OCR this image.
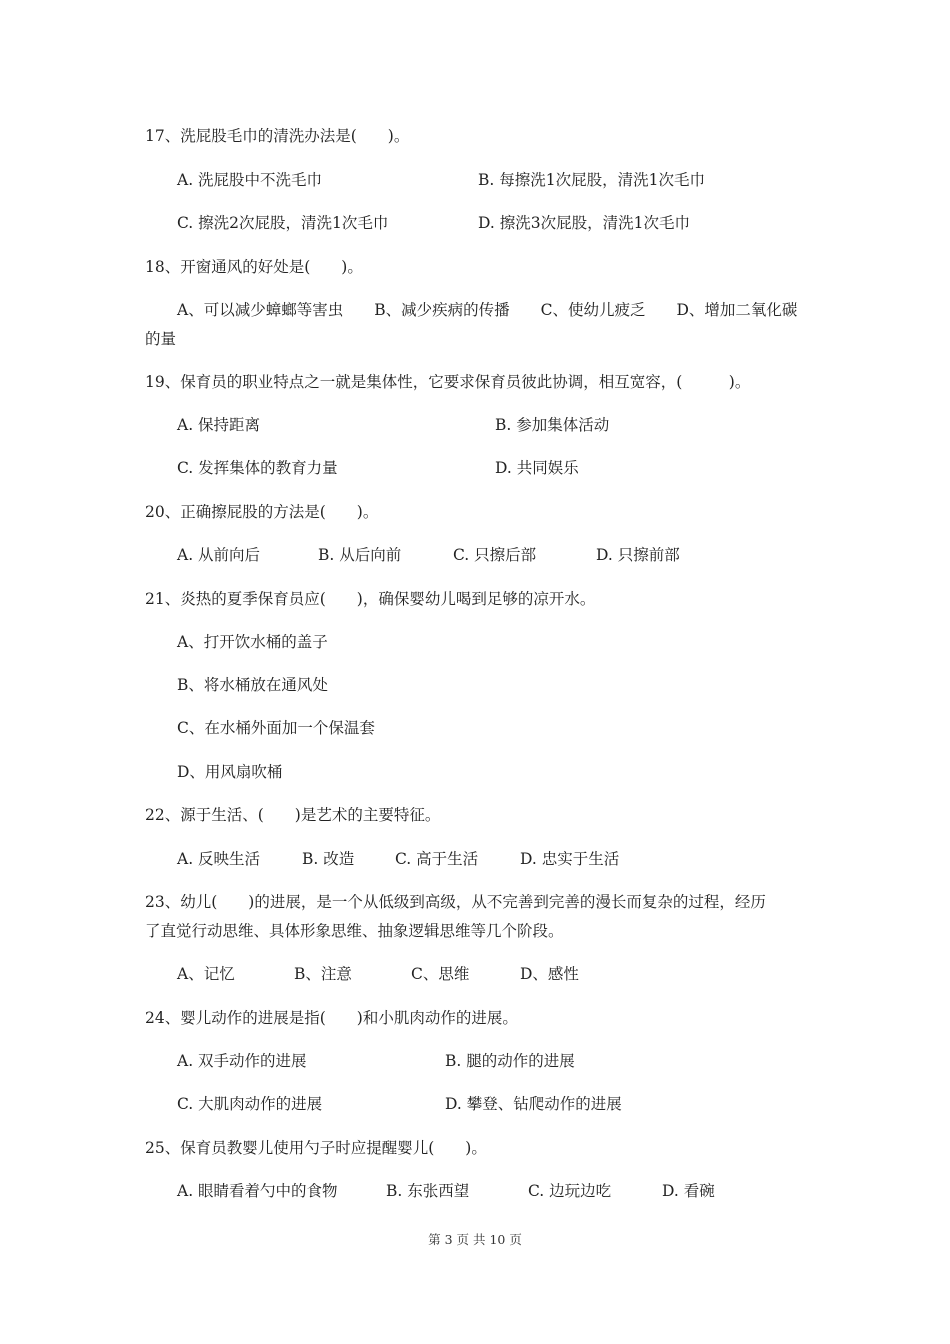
17、洗屁股毛巾的清洗办法是(　　)。
A. 洗屁股中不洗毛巾	B. 每擦洗1次屁股，清洗1次毛巾
C. 擦洗2次屁股，清洗1次毛巾	D. 擦洗3次屁股，清洗1次毛巾
18、开窗通风的好处是(　　)。
A、可以减少蟑螂等害虫　　B、减少疾病的传播　　C、使幼儿疲乏　　D、增加二氧化碳
的量
19、保育员的职业特点之一就是集体性，它要求保育员彼此协调，相互宽容，(　　　)。
A. 保持距离	B. 参加集体活动
C. 发挥集体的教育力量	D. 共同娱乐
20、正确擦屁股的方法是(　　)。
A. 从前向后	B. 从后向前	C. 只擦后部	D. 只擦前部
21、炎热的夏季保育员应(　　)，确保婴幼儿喝到足够的凉开水。
A、打开饮水桶的盖子
B、将水桶放在通风处
C、在水桶外面加一个保温套
D、用风扇吹桶
22、源于生活、(　　)是艺术的主要特征。
A. 反映生活	B. 改造	C. 高于生活	D. 忠实于生活
23、幼儿(　　)的进展，是一个从低级到高级，从不完善到完善的漫长而复杂的过程，经历
了直觉行动思维、具体形象思维、抽象逻辑思维等几个阶段。
A、记忆	B、注意	C、思维	D、感性
24、婴儿动作的进展是指(　　)和小肌肉动作的进展。
A. 双手动作的进展	B. 腿的动作的进展
C. 大肌肉动作的进展	D. 攀登、钻爬动作的进展
25、保育员教婴儿使用勺子时应提醒婴儿(　　)。
A. 眼睛看着勺中的食物	B. 东张西望	C. 边玩边吃	D. 看碗
第 3 页 共 10 页
